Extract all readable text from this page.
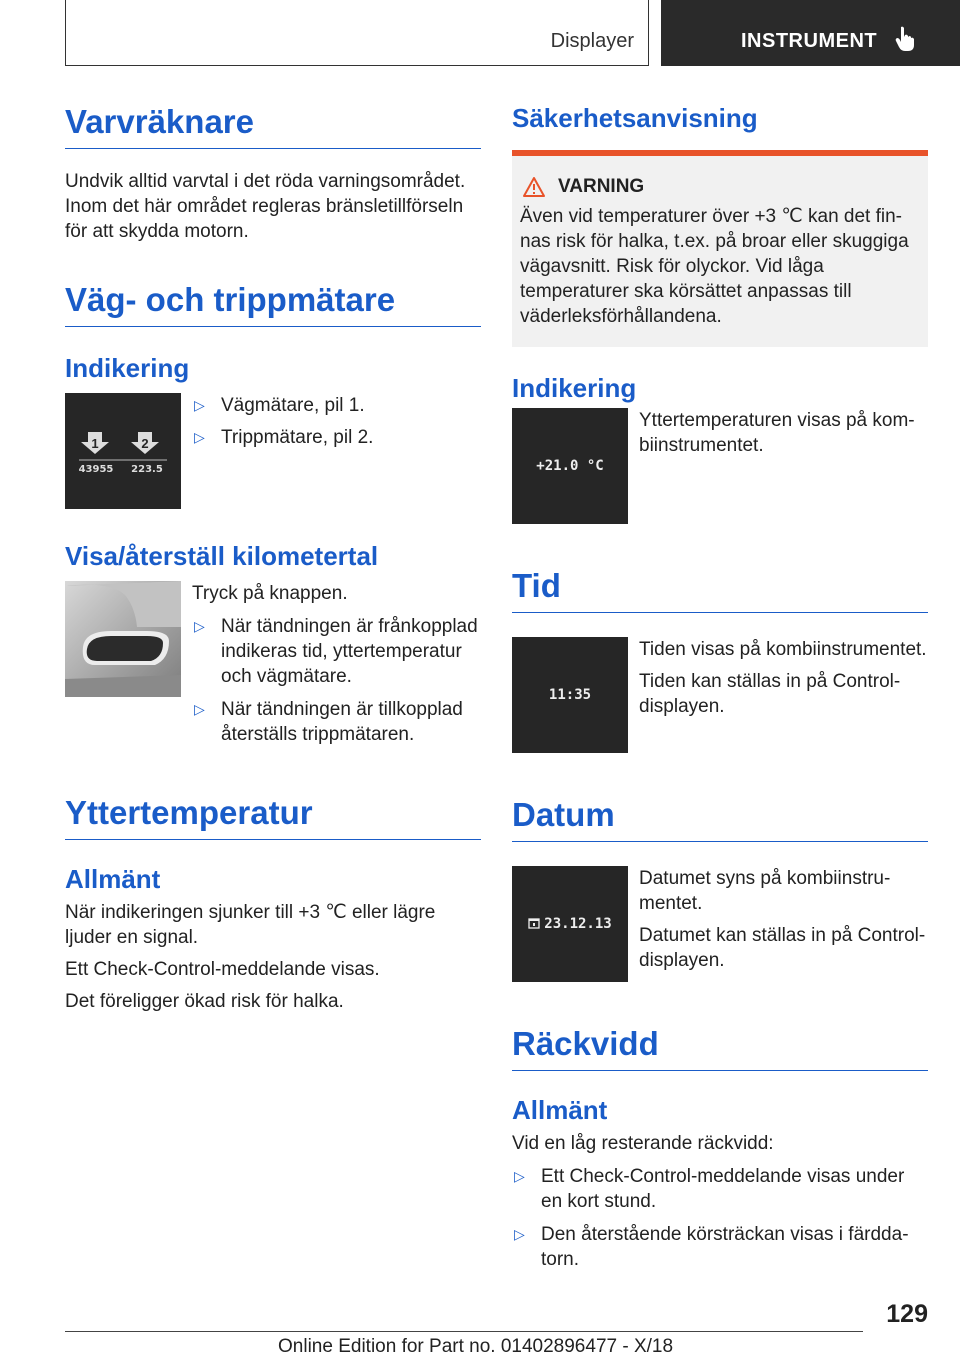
Displayer	INSTRUMENT
Varvräknare

Undvik alltid varvtal i det röda varningsområdet. Inom det här området regleras bränsletillförseln för att skydda motorn.

Väg- och trippmätare
Indikering
1	2
43955 223.5
▷ Vägmätare, pil 1.
▷ Trippmätare, pil 2.
Visa/återställ kilometertal

Tryck på knappen.

▷ När tändningen är frånkopplad indikeras tid, yttertemperatur och vägmätare.
▷ När tändningen är tillkopplad återställs trippmätaren.
Yttertemperatur
Allmänt

När indikeringen sjunker till +3 ℃ eller lägre ljuder en signal.

Ett Check-Control-meddelande visas.

Det föreligger ökad risk för halka.

Säkerhetsanvisning
VARNING

Även vid temperaturer över +3 ℃ kan det finnas risk för halka, t.ex. på broar eller skuggiga vägavsnitt. Risk för olyckor. Vid låga temperaturer ska körsättet anpassas till väderleksförhållandena.

Indikering
+21.0 °C

Yttertemperaturen visas på kombiinstrumentet.

Tid
11:35

Tiden visas på kombiinstrumentet.

Tiden kan ställas in på Control-displayen.

Datum
23.12.13

Datumet syns på kombiinstrumentet.

Datumet kan ställas in på Control-displayen.

Räckvidd
Allmänt

Vid en låg resterande räckvidd:

▷ Ett Check-Control-meddelande visas under en kort stund.
▷ Den återstående körsträckan visas i färddatorn.
129
Online Edition for Part no. 01402896477 - X/18
